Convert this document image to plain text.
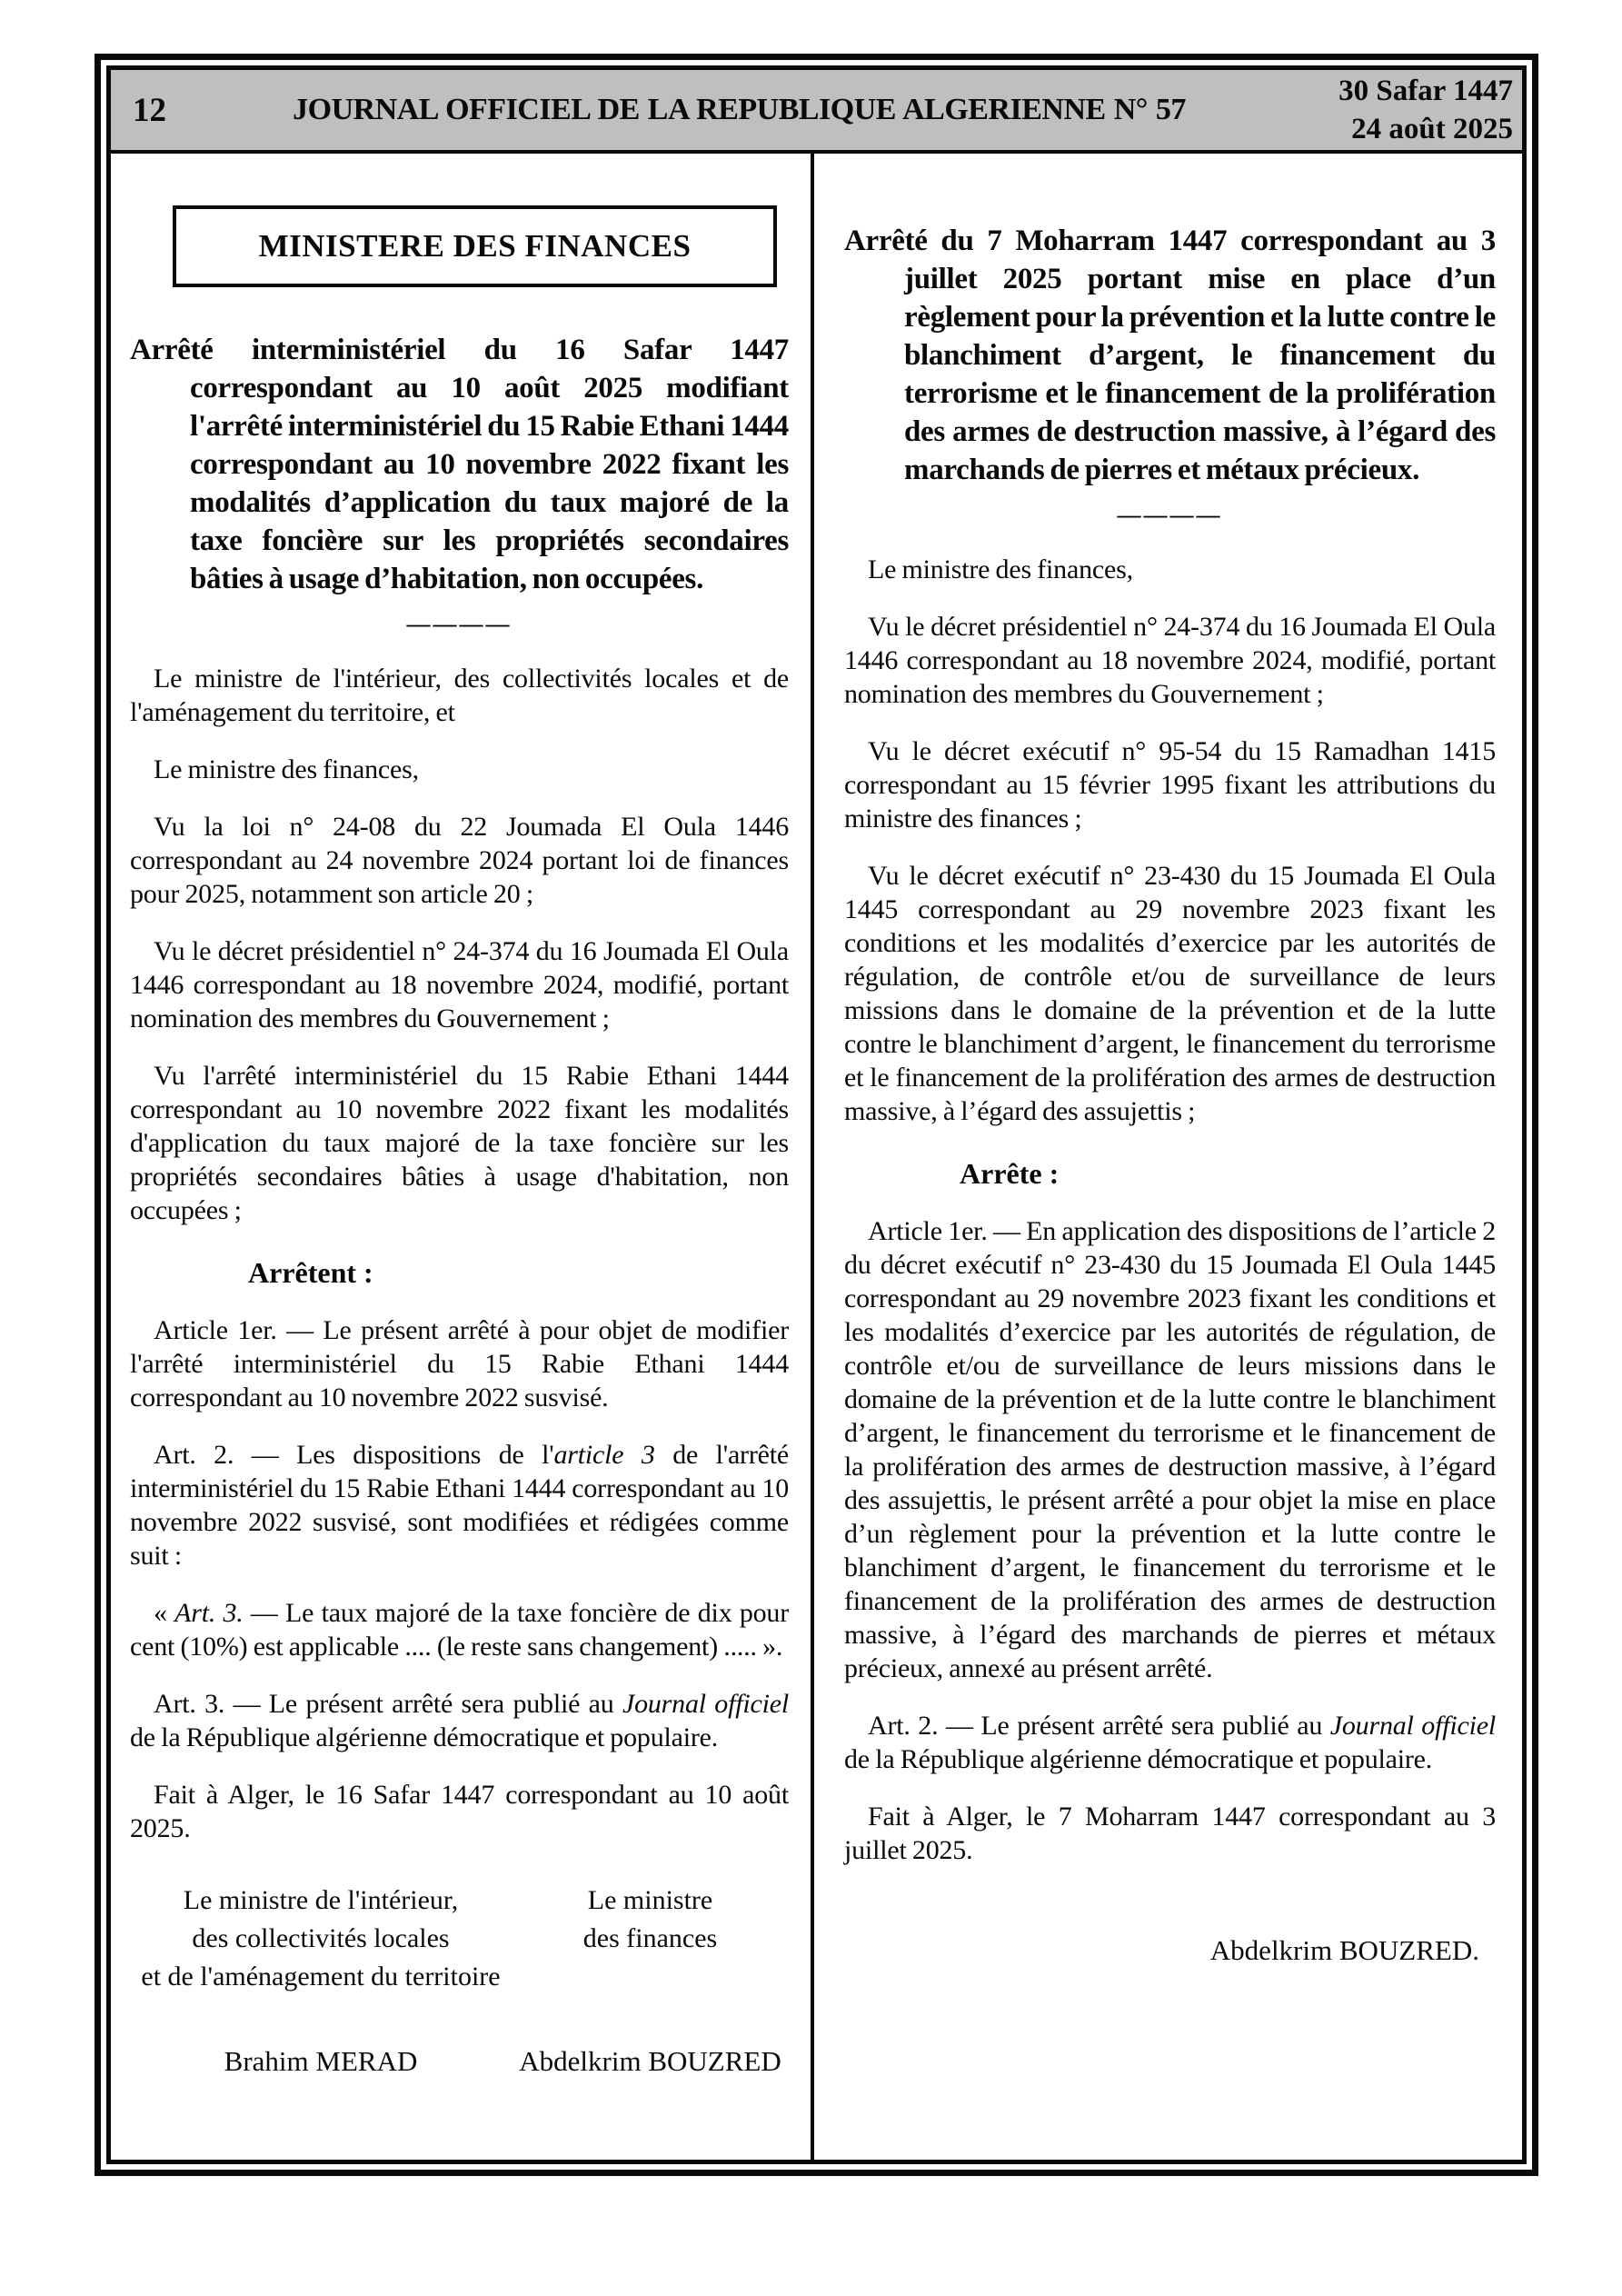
12	JOURNAL OFFICIEL DE LA REPUBLIQUE ALGERIENNE N° 57
30 Safar 1447
24 août 2025
MINISTERE DES FINANCES

Arrêté interministériel du 16 Safar 1447 correspondant au 10 août 2025 modifiant l'arrêté interministériel du 15 Rabie Ethani 1444 correspondant au 10 novembre 2022 fixant les modalités d’application du taux majoré de la taxe foncière sur les propriétés secondaires bâties à usage d’habitation, non occupées.

————

Le ministre de l'intérieur, des collectivités locales et de l'aménagement du territoire, et

Le ministre des finances,

Vu la loi n° 24-08 du 22 Joumada El Oula 1446 correspondant au 24 novembre 2024 portant loi de finances pour 2025, notamment son article 20 ;

Vu le décret présidentiel n° 24-374 du 16 Joumada El Oula 1446 correspondant au 18 novembre 2024, modifié, portant nomination des membres du Gouvernement ;

Vu l'arrêté interministériel du 15 Rabie Ethani 1444 correspondant au 10 novembre 2022 fixant les modalités d'application du taux majoré de la taxe foncière sur les propriétés secondaires bâties à usage d'habitation, non occupées ;

Arrêtent :

Article 1er. — Le présent arrêté à pour objet de modifier l'arrêté interministériel du 15 Rabie Ethani 1444 correspondant au 10 novembre 2022 susvisé.

Art. 2. — Les dispositions de l'article 3 de l'arrêté interministériel du 15 Rabie Ethani 1444 correspondant au 10 novembre 2022 susvisé, sont modifiées et rédigées comme suit :

« Art. 3. — Le taux majoré de la taxe foncière de dix pour cent (10%) est applicable .... (le reste sans changement) ..... ».

Art. 3. — Le présent arrêté sera publié au Journal officiel de la République algérienne démocratique et populaire.

Fait à Alger, le 16 Safar 1447 correspondant au 10 août 2025.

Le ministre de l'intérieur,
des collectivités locales
et de l'aménagement du territoire
Le ministre
des finances
Brahim MERAD	Abdelkrim BOUZRED

Arrêté du 7 Moharram 1447 correspondant au 3 juillet 2025 portant mise en place d’un règlement pour la prévention et la lutte contre le blanchiment d’argent, le financement du terrorisme et le financement de la prolifération des armes de destruction massive, à l’égard des marchands de pierres et métaux précieux.

————

Le ministre des finances,

Vu le décret présidentiel n° 24-374 du 16 Joumada El Oula 1446 correspondant au 18 novembre 2024, modifié, portant nomination des membres du Gouvernement ;

Vu le décret exécutif n° 95-54 du 15 Ramadhan 1415 correspondant au 15 février 1995 fixant les attributions du ministre des finances ;

Vu le décret exécutif n° 23-430 du 15 Joumada El Oula 1445 correspondant au 29 novembre 2023 fixant les conditions et les modalités d’exercice par les autorités de régulation, de contrôle et/ou de surveillance de leurs missions dans le domaine de la prévention et de la lutte contre le blanchiment d’argent, le financement du terrorisme et le financement de la prolifération des armes de destruction massive, à l’égard des assujettis ;

Arrête :

Article 1er. — En application des dispositions de l’article 2 du décret exécutif n° 23-430 du 15 Joumada El Oula 1445 correspondant au 29 novembre 2023 fixant les conditions et les modalités d’exercice par les autorités de régulation, de contrôle et/ou de surveillance de leurs missions dans le domaine de la prévention et de la lutte contre le blanchiment d’argent, le financement du terrorisme et le financement de la prolifération des armes de destruction massive, à l’égard des assujettis, le présent arrêté a pour objet la mise en place d’un règlement pour la prévention et la lutte contre le blanchiment d’argent, le financement du terrorisme et le financement de la prolifération des armes de destruction massive, à l’égard des marchands de pierres et métaux précieux, annexé au présent arrêté.

Art. 2. — Le présent arrêté sera publié au Journal officiel de la République algérienne démocratique et populaire.

Fait à Alger, le 7 Moharram 1447 correspondant au 3 juillet 2025.

Abdelkrim BOUZRED.
